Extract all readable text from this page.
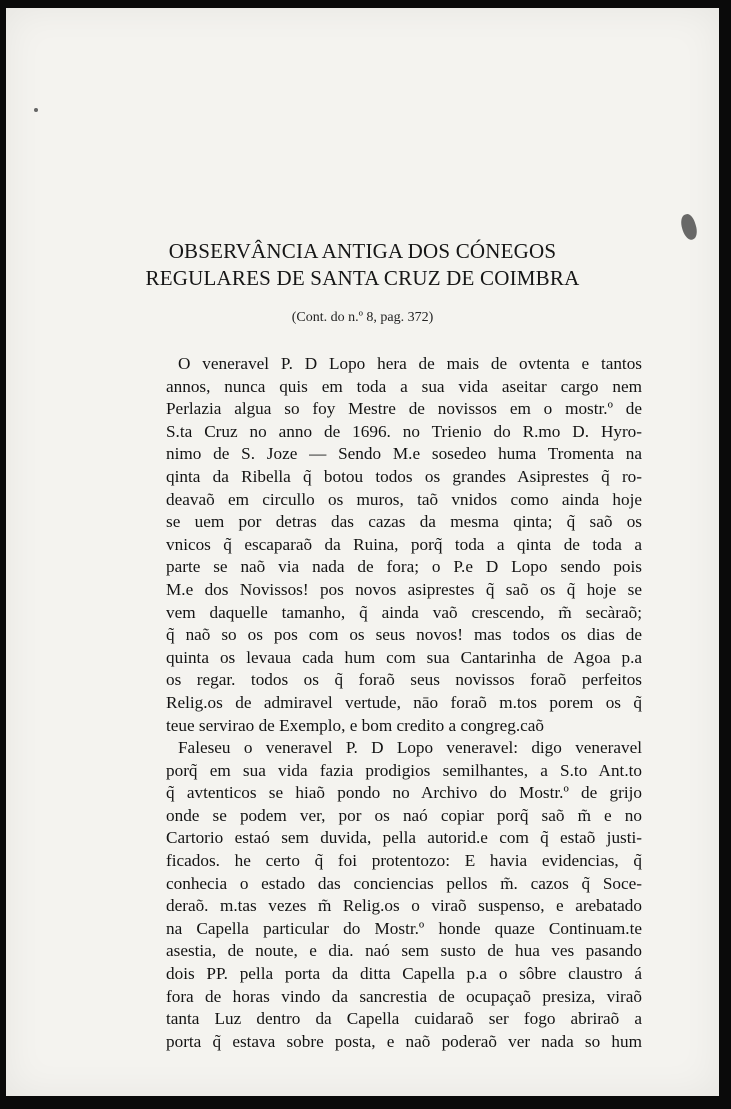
OBSERVÂNCIA ANTIGA DOS CÓNEGOS
REGULARES DE SANTA CRUZ DE COIMBRA
(Cont. do n.º 8, pag. 372)
O veneravel P. D Lopo hera de mais de ovtenta e tantos
annos, nunca quis em toda a sua vida aseitar cargo nem
Perlazia algua so foy Mestre de novissos em o mostr.º de
S.ta Cruz no anno de 1696. no Trienio do R.mo D. Hyro-
nimo de S. Joze — Sendo M.e sosedeo huma Tromenta na
qinta da Ribella q̃ botou todos os grandes Asiprestes q̃ ro-
deavaõ em circullo os muros, taõ vnidos como ainda hoje
se uem por detras das cazas da mesma qinta; q̃ saõ os
vnicos q̃ escaparaõ da Ruina, porq̃ toda a qinta de toda a
parte se naõ via nada de fora; o P.e D Lopo sendo pois
M.e dos Novissos! pos novos asiprestes q̃ saõ os q̃ hoje se
vem daquelle tamanho, q̃ ainda vaõ crescendo, m̃ secàraõ;
q̃ naõ so os pos com os seus novos! mas todos os dias de
quinta os levaua cada hum com sua Cantarinha de Agoa p.a
os regar. todos os q̃ foraõ seus novissos foraõ perfeitos
Relig.os de admiravel vertude, nāo foraõ m.tos porem os q̃
teue servirao de Exemplo, e bom credito a congreg.caõ
Faleseu o veneravel P. D Lopo veneravel: digo veneravel
porq̃ em sua vida fazia prodigios semilhantes, a S.to Ant.to
q̃ avtenticos se hiaõ pondo no Archivo do Mostr.º de grijo
onde se podem ver, por os naó copiar porq̃ saõ m̃ e no
Cartorio estaó sem duvida, pella autorid.e com q̃ estaõ justi-
ficados. he certo q̃ foi protentozo: E havia evidencias, q̃
conhecia o estado das conciencias pellos m̃. cazos q̃ Soce-
deraõ. m.tas vezes m̃ Relig.os o viraõ suspenso, e arebatado
na Capella particular do Mostr.º honde quaze Continuam.te
asestia, de noute, e dia. naó sem susto de hua ves pasando
dois PP. pella porta da ditta Capella p.a o sôbre claustro á
fora de horas vindo da sancrestia de ocupaçaõ presiza, viraõ
tanta Luz dentro da Capella cuidaraõ ser fogo abriraõ a
porta q̃ estava sobre posta, e naõ poderaõ ver nada so hum
